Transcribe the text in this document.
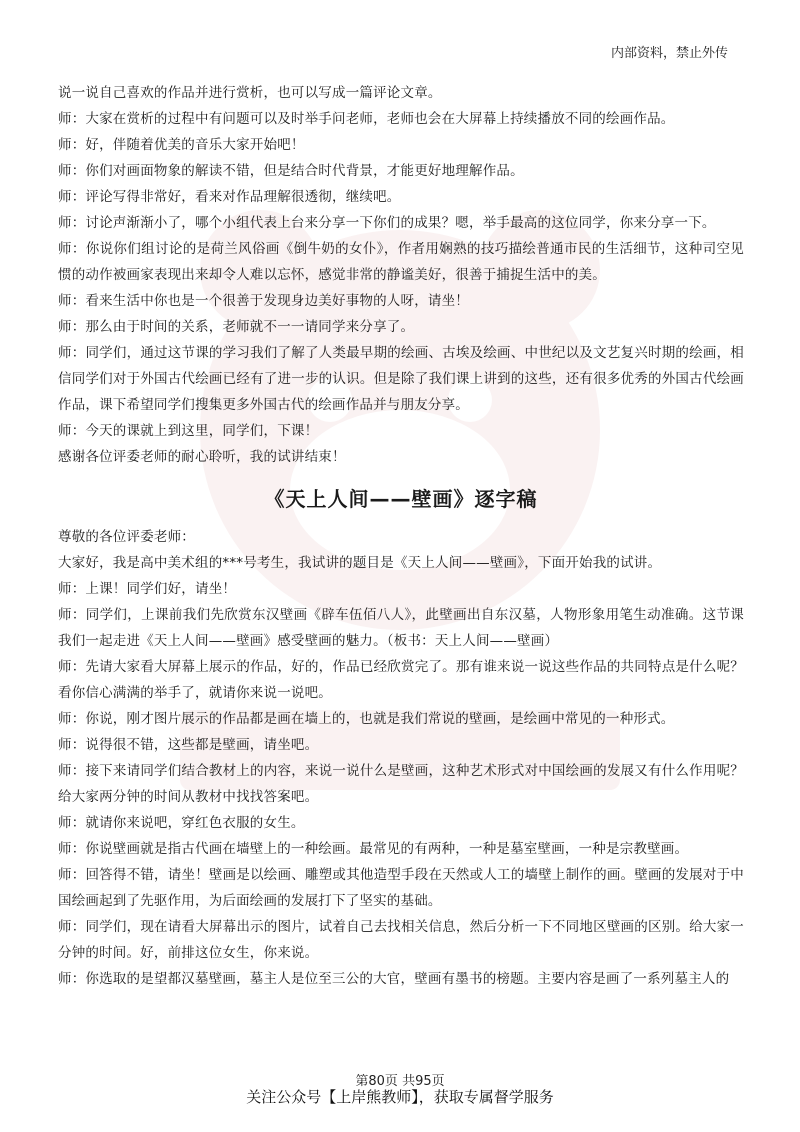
内部资料，禁止外传

说一说自己喜欢的作品并进行赏析，也可以写成一篇评论文章。

师：大家在赏析的过程中有问题可以及时举手问老师，老师也会在大屏幕上持续播放不同的绘画作品。

师：好，伴随着优美的音乐大家开始吧！

师：你们对画面物象的解读不错，但是结合时代背景，才能更好地理解作品。

师：评论写得非常好，看来对作品理解很透彻，继续吧。

师：讨论声渐渐小了，哪个小组代表上台来分享一下你们的成果？嗯，举手最高的这位同学，你来分享一下。

师：你说你们组讨论的是荷兰风俗画《倒牛奶的女仆》，作者用娴熟的技巧描绘普通市民的生活细节，这种司空见惯的动作被画家表现出来却令人难以忘怀，感觉非常的静谧美好，很善于捕捉生活中的美。

师：看来生活中你也是一个很善于发现身边美好事物的人呀，请坐！

师：那么由于时间的关系，老师就不一一请同学来分享了。

师：同学们，通过这节课的学习我们了解了人类最早期的绘画、古埃及绘画、中世纪以及文艺复兴时期的绘画，相信同学们对于外国古代绘画已经有了进一步的认识。但是除了我们课上讲到的这些，还有很多优秀的外国古代绘画作品，课下希望同学们搜集更多外国古代的绘画作品并与朋友分享。

师：今天的课就上到这里，同学们，下课！

感谢各位评委老师的耐心聆听，我的试讲结束！

《天上人间——壁画》逐字稿

尊敬的各位评委老师：

大家好，我是高中美术组的***号考生，我试讲的题目是《天上人间——壁画》，下面开始我的试讲。

师：上课！同学们好，请坐！

师：同学们，上课前我们先欣赏东汉壁画《辟车伍佰八人》，此壁画出自东汉墓，人物形象用笔生动准确。这节课我们一起走进《天上人间——壁画》感受壁画的魅力。（板书：天上人间——壁画）

师：先请大家看大屏幕上展示的作品，好的，作品已经欣赏完了。那有谁来说一说这些作品的共同特点是什么呢？看你信心满满的举手了，就请你来说一说吧。

师：你说，刚才图片展示的作品都是画在墙上的，也就是我们常说的壁画，是绘画中常见的一种形式。

师：说得很不错，这些都是壁画，请坐吧。

师：接下来请同学们结合教材上的内容，来说一说什么是壁画，这种艺术形式对中国绘画的发展又有什么作用呢？给大家两分钟的时间从教材中找找答案吧。

师：就请你来说吧，穿红色衣服的女生。

师：你说壁画就是指古代画在墙壁上的一种绘画。最常见的有两种，一种是墓室壁画，一种是宗教壁画。

师：回答得不错，请坐！壁画是以绘画、雕塑或其他造型手段在天然或人工的墙壁上制作的画。壁画的发展对于中国绘画起到了先驱作用，为后面绘画的发展打下了坚实的基础。

师：同学们，现在请看大屏幕出示的图片，试着自己去找相关信息，然后分析一下不同地区壁画的区别。给大家一分钟的时间。好，前排这位女生，你来说。

师：你选取的是望都汉墓壁画，墓主人是位至三公的大官，壁画有墨书的榜题。主要内容是画了一系列墓主人的

第80页 共95页
关注公众号【上岸熊教师】，获取专属督学服务
